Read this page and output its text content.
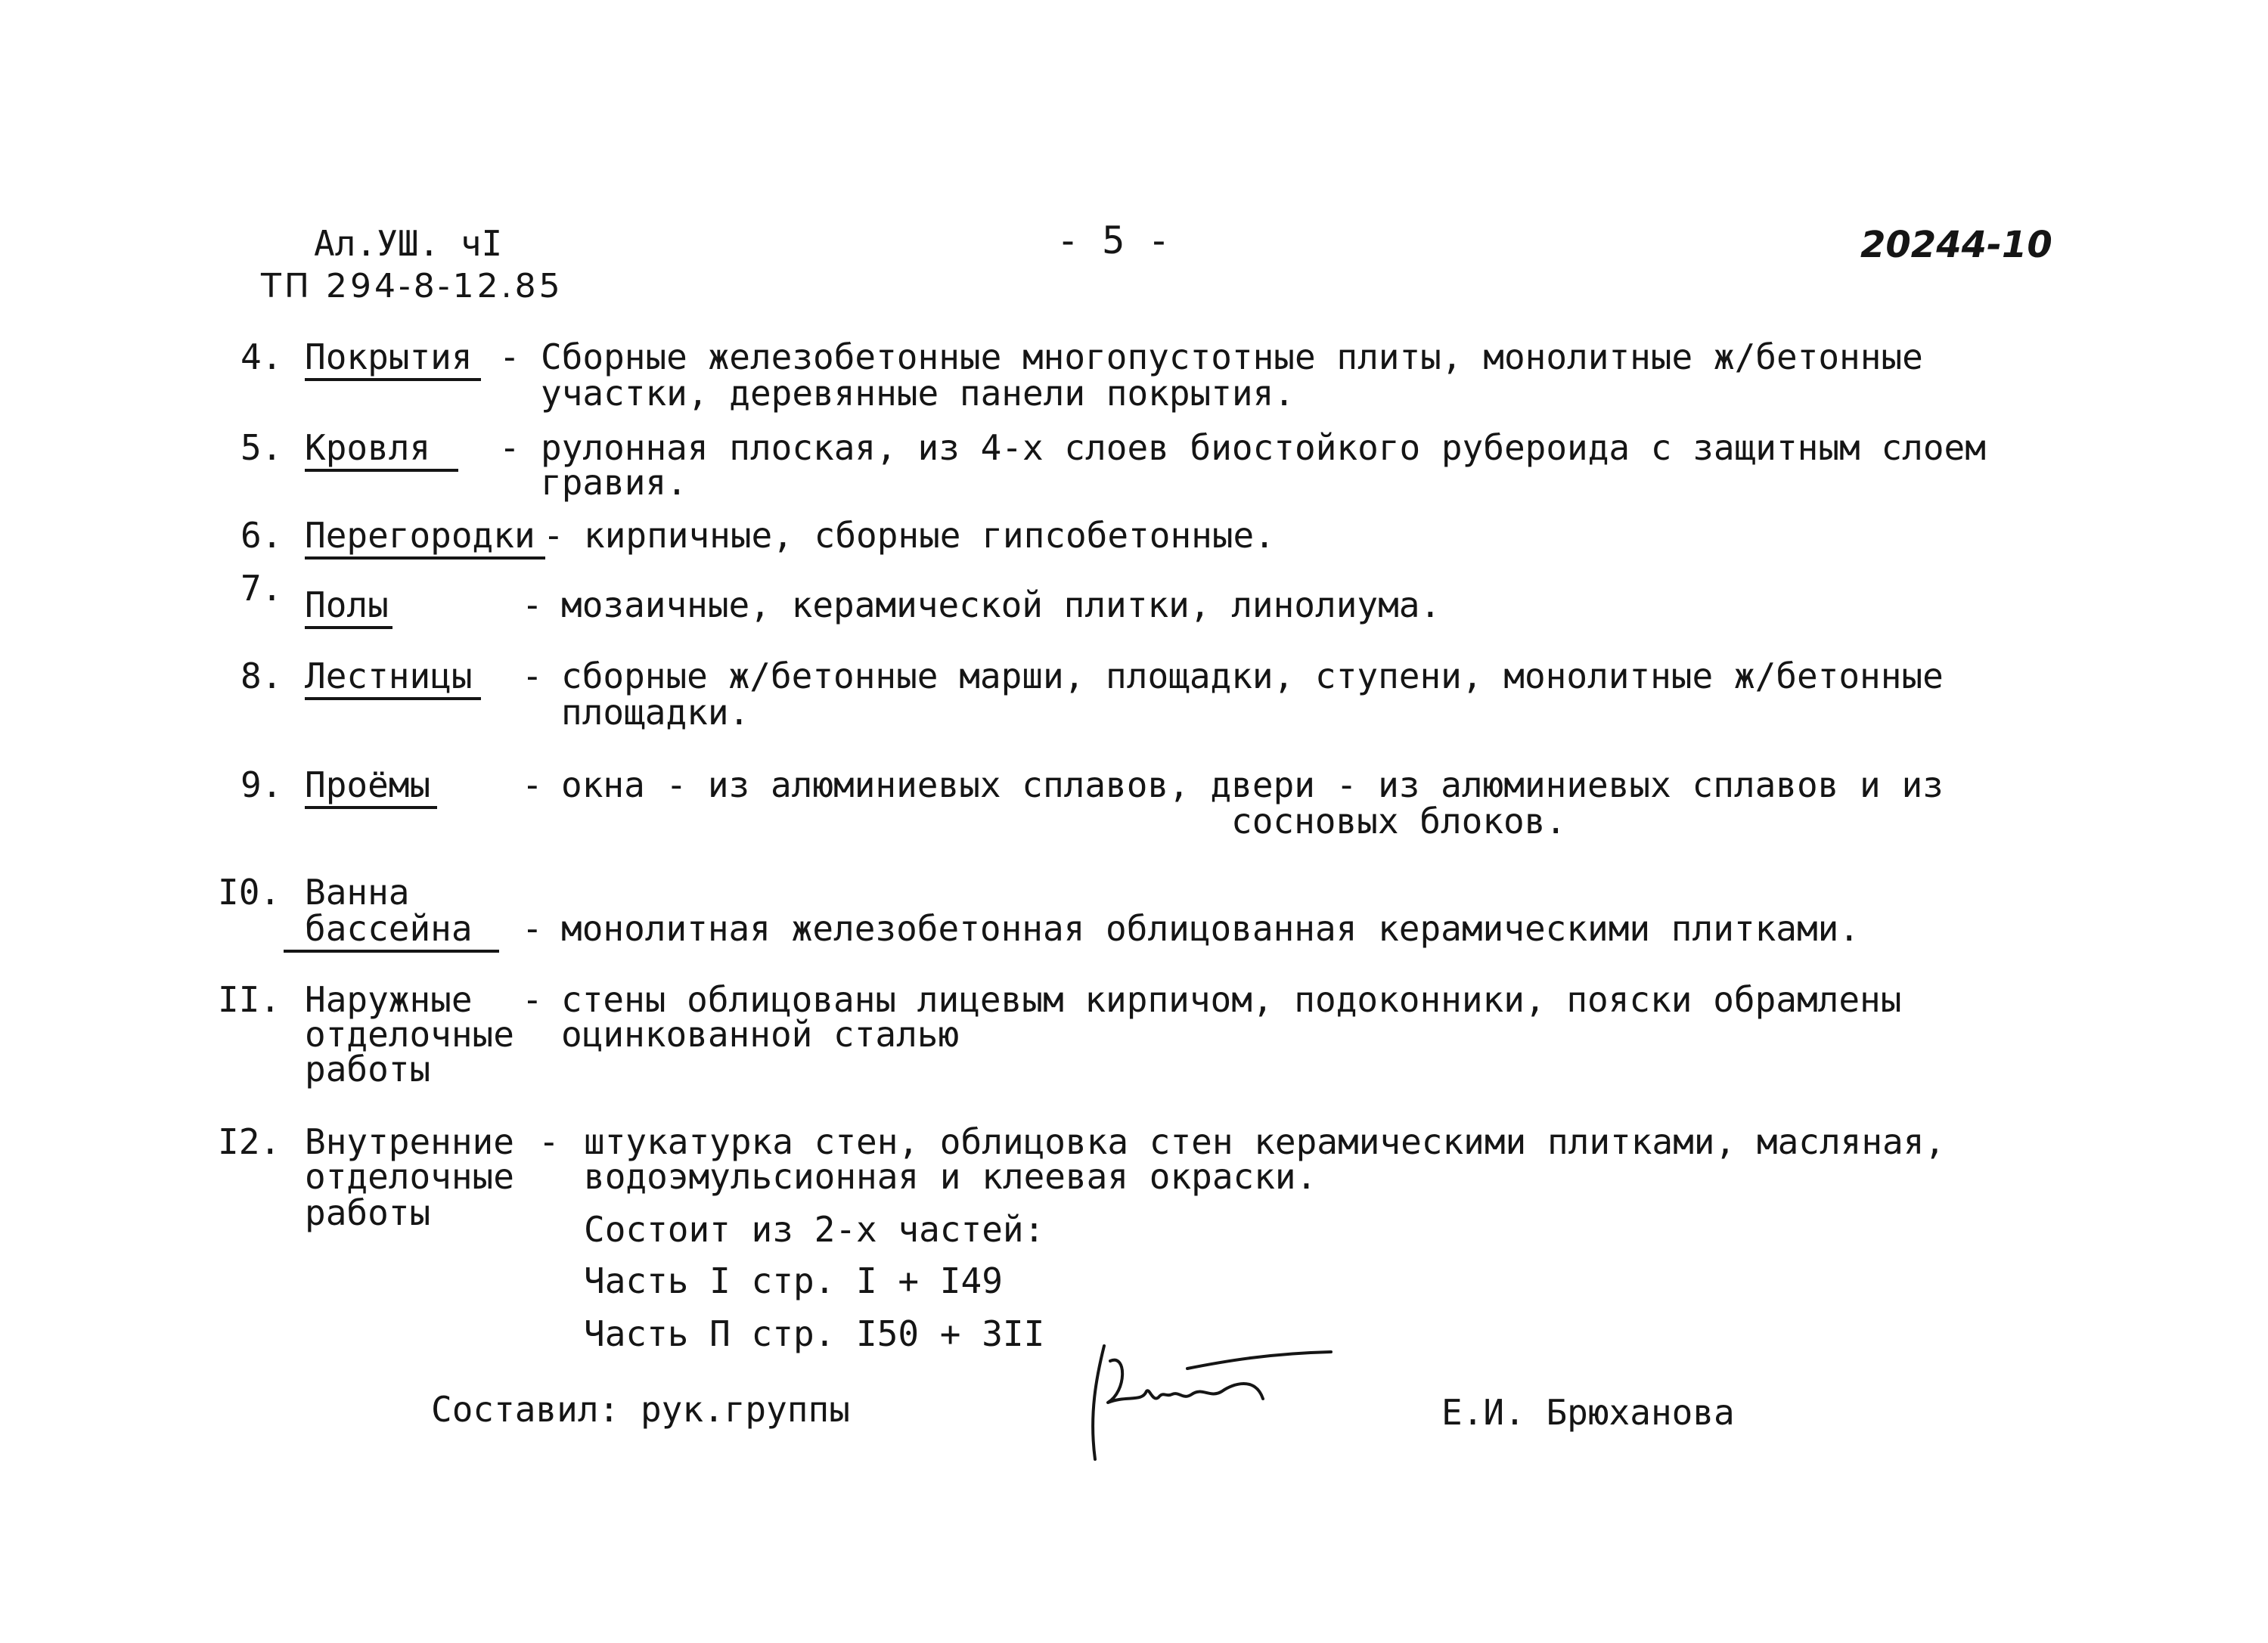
Ал.УШ. чI
ТП 294-8-12.85
- 5 -	20244-10
4. Покрытия - Сборные железобетонные многопустотные плиты, монолитные ж/бетонные
участки, деревянные панели покрытия.
5. Кровля - рулонная плоская, из 4-х слоев биостойкого рубероида с защитным слоем
гравия.
6. Перегородки - кирпичные, сборные гипсобетонные.
7. Полы	- мозаичные, керамической плитки, линолиума.
8. Лестницы - сборные ж/бетонные марши, площадки, ступени, монолитные ж/бетонные
площадки.
9. Проёмы	- окна - из алюминиевых сплавов, двери - из алюминиевых сплавов и из
сосновых блоков.
I0. Ванна
бассейна - монолитная железобетонная облицованная керамическими плитками.
II. Наружные
отделочные
работы
- стены облицованы лицевым кирпичом, подоконники, пояски обрамлены
оцинкованной сталью
I2. Внутренние
отделочные
работы
- штукатурка стен, облицовка стен керамическими плитками, масляная,
водоэмульсионная и клеевая окраски.
Состоит из 2-х частей:
Часть I стр. I + I49
Часть П стр. I50 + 3II
Составил: рук.группы	Е.И. Брюханова
